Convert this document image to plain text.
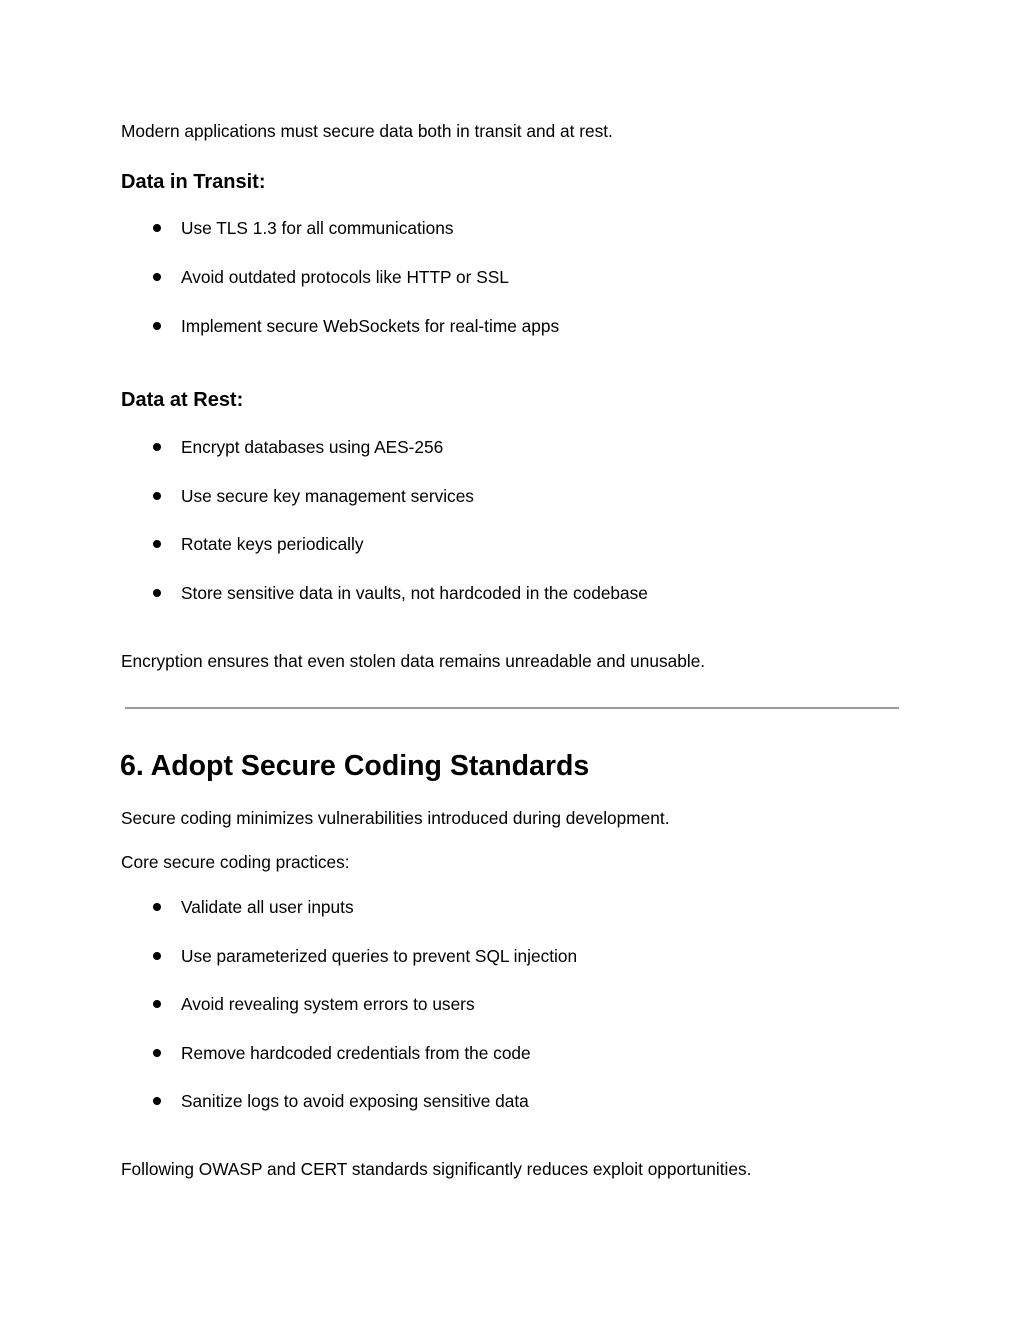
Modern applications must secure data both in transit and at rest.
Data in Transit:
Use TLS 1.3 for all communications
Avoid outdated protocols like HTTP or SSL
Implement secure WebSockets for real-time apps
Data at Rest:
Encrypt databases using AES-256
Use secure key management services
Rotate keys periodically
Store sensitive data in vaults, not hardcoded in the codebase
Encryption ensures that even stolen data remains unreadable and unusable.
6. Adopt Secure Coding Standards
Secure coding minimizes vulnerabilities introduced during development.
Core secure coding practices:
Validate all user inputs
Use parameterized queries to prevent SQL injection
Avoid revealing system errors to users
Remove hardcoded credentials from the code
Sanitize logs to avoid exposing sensitive data
Following OWASP and CERT standards significantly reduces exploit opportunities.
